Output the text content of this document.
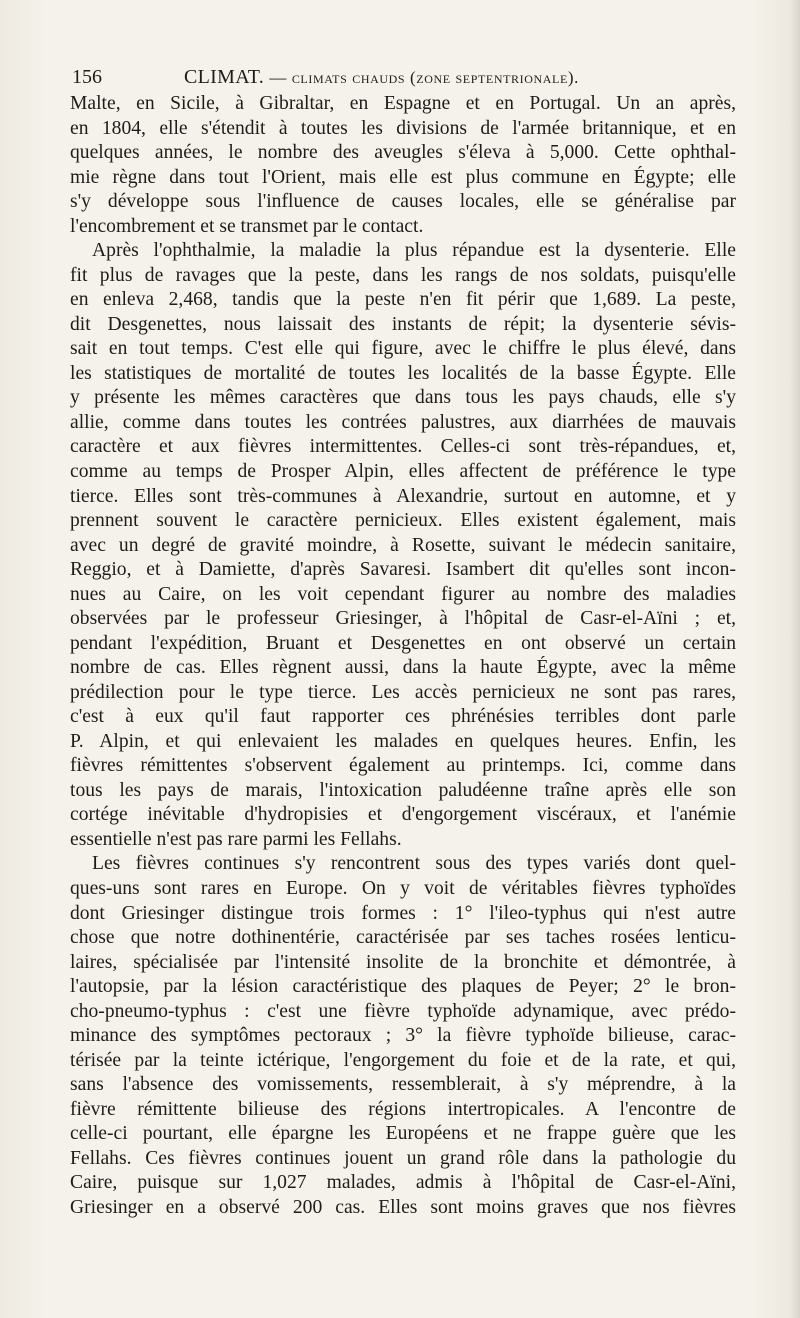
156	CLIMAT. — climats chauds (zone septentrionale).
Malte, en Sicile, à Gibraltar, en Espagne et en Portugal. Un an après,
en 1804, elle s'étendit à toutes les divisions de l'armée britannique, et en
quelques années, le nombre des aveugles s'éleva à 5,000. Cette ophthal-
mie règne dans tout l'Orient, mais elle est plus commune en Égypte; elle
s'y développe sous l'influence de causes locales, elle se généralise par
l'encombrement et se transmet par le contact.
Après l'ophthalmie, la maladie la plus répandue est la dysenterie. Elle
fit plus de ravages que la peste, dans les rangs de nos soldats, puisqu'elle
en enleva 2,468, tandis que la peste n'en fit périr que 1,689. La peste,
dit Desgenettes, nous laissait des instants de répit; la dysenterie sévis-
sait en tout temps. C'est elle qui figure, avec le chiffre le plus élevé, dans
les statistiques de mortalité de toutes les localités de la basse Égypte. Elle
y présente les mêmes caractères que dans tous les pays chauds, elle s'y
allie, comme dans toutes les contrées palustres, aux diarrhées de mauvais
caractère et aux fièvres intermittentes. Celles-ci sont très-répandues, et,
comme au temps de Prosper Alpin, elles affectent de préférence le type
tierce. Elles sont très-communes à Alexandrie, surtout en automne, et y
prennent souvent le caractère pernicieux. Elles existent également, mais
avec un degré de gravité moindre, à Rosette, suivant le médecin sanitaire,
Reggio, et à Damiette, d'après Savaresi. Isambert dit qu'elles sont incon-
nues au Caire, on les voit cependant figurer au nombre des maladies
observées par le professeur Griesinger, à l'hôpital de Casr-el-Aïni ; et,
pendant l'expédition, Bruant et Desgenettes en ont observé un certain
nombre de cas. Elles règnent aussi, dans la haute Égypte, avec la même
prédilection pour le type tierce. Les accès pernicieux ne sont pas rares,
c'est à eux qu'il faut rapporter ces phrénésies terribles dont parle
P. Alpin, et qui enlevaient les malades en quelques heures. Enfin, les
fièvres rémittentes s'observent également au printemps. Ici, comme dans
tous les pays de marais, l'intoxication paludéenne traîne après elle son
cortége inévitable d'hydropisies et d'engorgement viscéraux, et l'anémie
essentielle n'est pas rare parmi les Fellahs.
Les fièvres continues s'y rencontrent sous des types variés dont quel-
ques-uns sont rares en Europe. On y voit de véritables fièvres typhoïdes
dont Griesinger distingue trois formes : 1° l'ileo-typhus qui n'est autre
chose que notre dothinentérie, caractérisée par ses taches rosées lenticu-
laires, spécialisée par l'intensité insolite de la bronchite et démontrée, à
l'autopsie, par la lésion caractéristique des plaques de Peyer; 2° le bron-
cho-pneumo-typhus : c'est une fièvre typhoïde adynamique, avec prédo-
minance des symptômes pectoraux ; 3° la fièvre typhoïde bilieuse, carac-
térisée par la teinte ictérique, l'engorgement du foie et de la rate, et qui,
sans l'absence des vomissements, ressemblerait, à s'y méprendre, à la
fièvre rémittente bilieuse des régions intertropicales. A l'encontre de
celle-ci pourtant, elle épargne les Européens et ne frappe guère que les
Fellahs. Ces fièvres continues jouent un grand rôle dans la pathologie du
Caire, puisque sur 1,027 malades, admis à l'hôpital de Casr-el-Aïni,
Griesinger en a observé 200 cas. Elles sont moins graves que nos fièvres
